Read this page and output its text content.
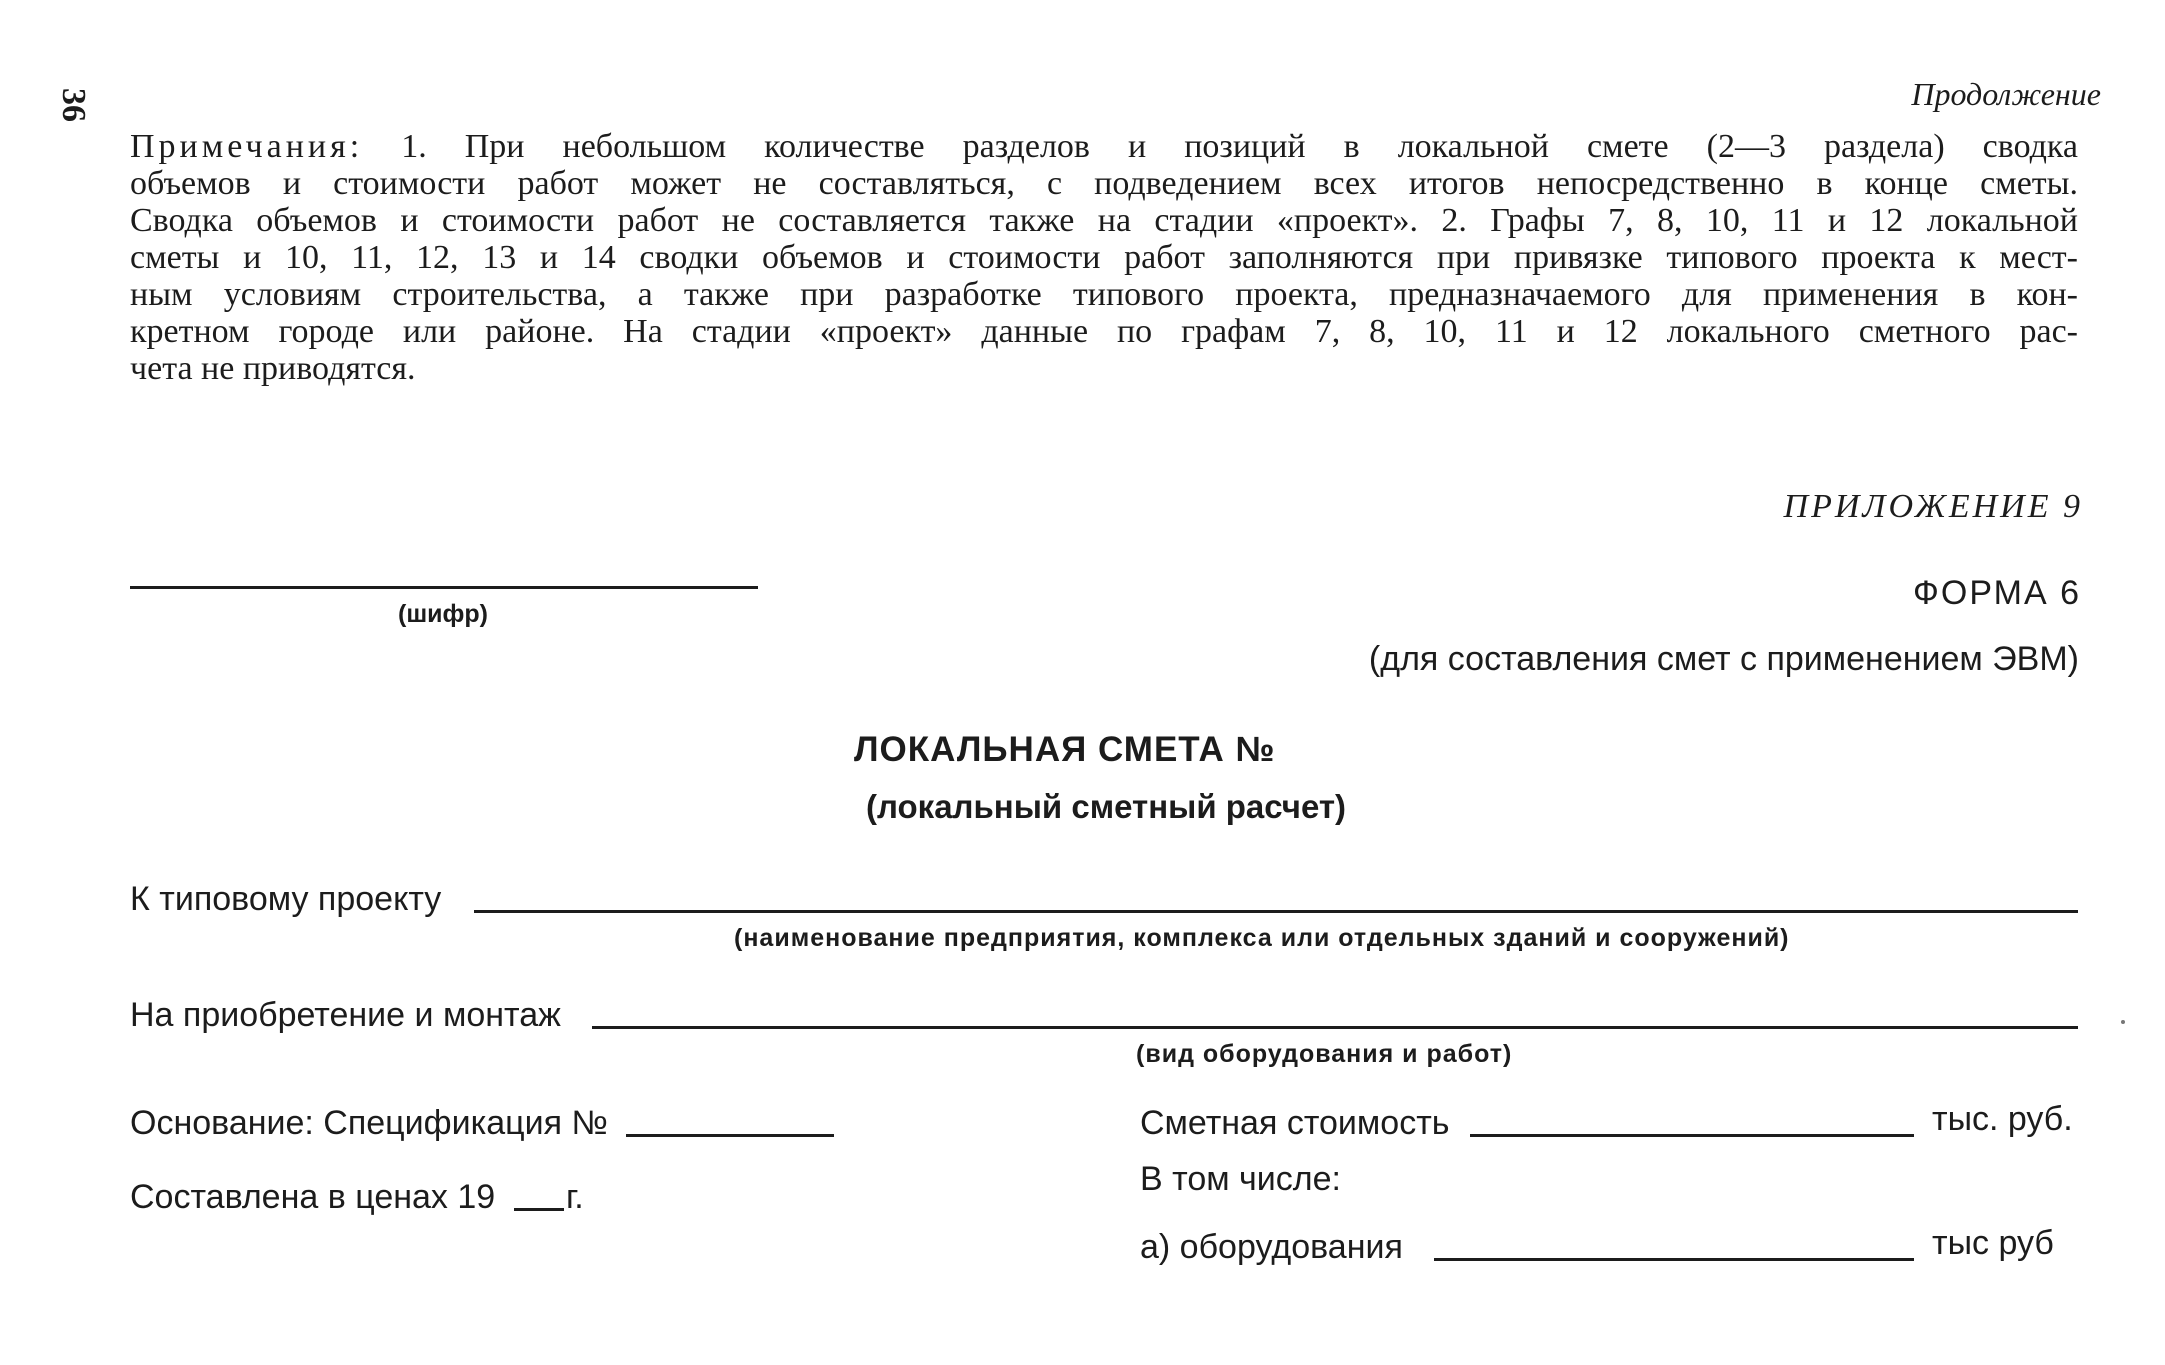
36	Продолжение
Примечания: 1. При небольшом количестве разделов и позиций в локальной смете (2—3 раздела) сводка
объемов и стоимости работ может не составляться, с подведением всех итогов непосредственно в конце сметы.
Сводка объемов и стоимости работ не составляется также на стадии «проект». 2. Графы 7, 8, 10, 11 и 12 локальной
сметы и 10, 11, 12, 13 и 14 сводки объемов и стоимости работ заполняются при привязке типового проекта к мест-
ным условиям строительства, а также при разработке типового проекта, предназначаемого для применения в кон-
кретном городе или районе. На стадии «проект» данные по графам 7, 8, 10, 11 и 12 локального сметного рас-
чета не приводятся.
ПРИЛОЖЕНИЕ 9
(шифр)
ФОРМА 6
(для составления смет с применением ЭВМ)
ЛОКАЛЬНАЯ СМЕТА №
(локальный сметный расчет)
К типовому проекту
(наименование предприятия, комплекса или отдельных зданий и сооружений)
На приобретение и монтаж
(вид оборудования и работ)
Основание: Спецификация №
Составлена в ценах 19 г.
Сметная стоимость	тыс. руб.
В том числе:
а) оборудования	тыс руб
